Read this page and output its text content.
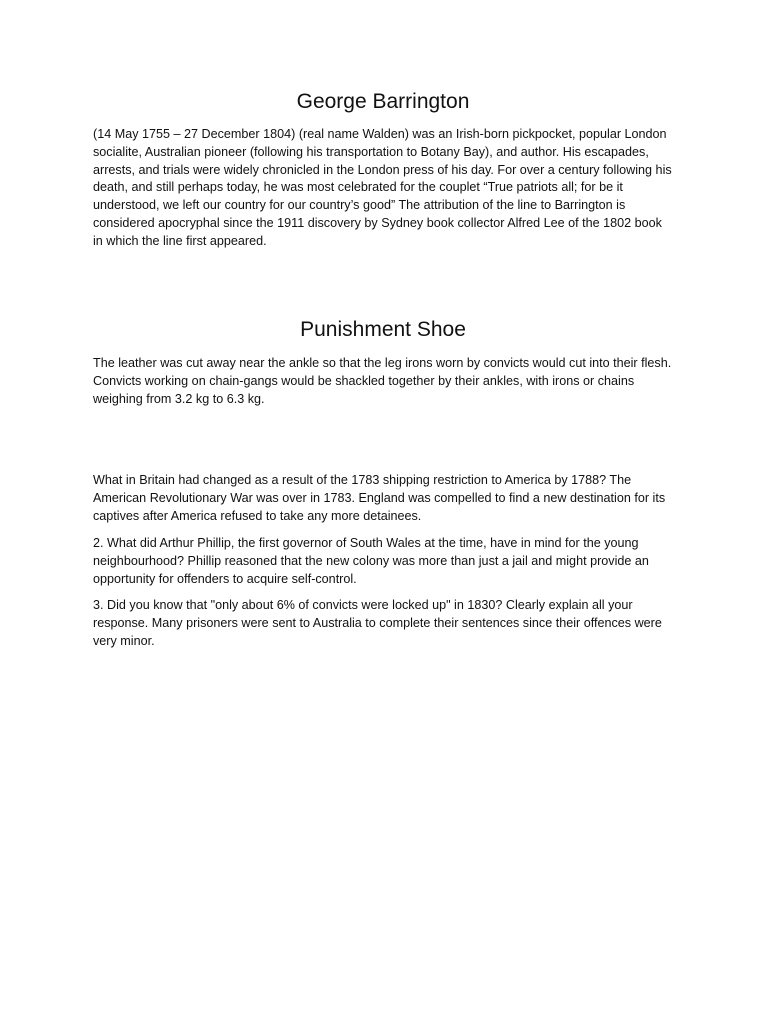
George Barrington

(14 May 1755 – 27 December 1804) (real name Walden) was an Irish-born pickpocket, popular London socialite, Australian pioneer (following his transportation to Botany Bay), and author. His escapades, arrests, and trials were widely chronicled in the London press of his day. For over a century following his death, and still perhaps today, he was most celebrated for the couplet “True patriots all; for be it understood, we left our country for our country’s good” The attribution of the line to Barrington is considered apocryphal since the 1911 discovery by Sydney book collector Alfred Lee of the 1802 book in which the line first appeared.

Punishment Shoe

The leather was cut away near the ankle so that the leg irons worn by convicts would cut into their flesh. Convicts working on chain-gangs would be shackled together by their ankles, with irons or chains weighing from 3.2 kg to 6.3 kg.

What in Britain had changed as a result of the 1783 shipping restriction to America by 1788? The American Revolutionary War was over in 1783. England was compelled to find a new destination for its captives after America refused to take any more detainees.

2. What did Arthur Phillip, the first governor of South Wales at the time, have in mind for the young neighbourhood? Phillip reasoned that the new colony was more than just a jail and might provide an opportunity for offenders to acquire self-control.

3. Did you know that "only about 6% of convicts were locked up" in 1830? Clearly explain all your response. Many prisoners were sent to Australia to complete their sentences since their offences were very minor.
